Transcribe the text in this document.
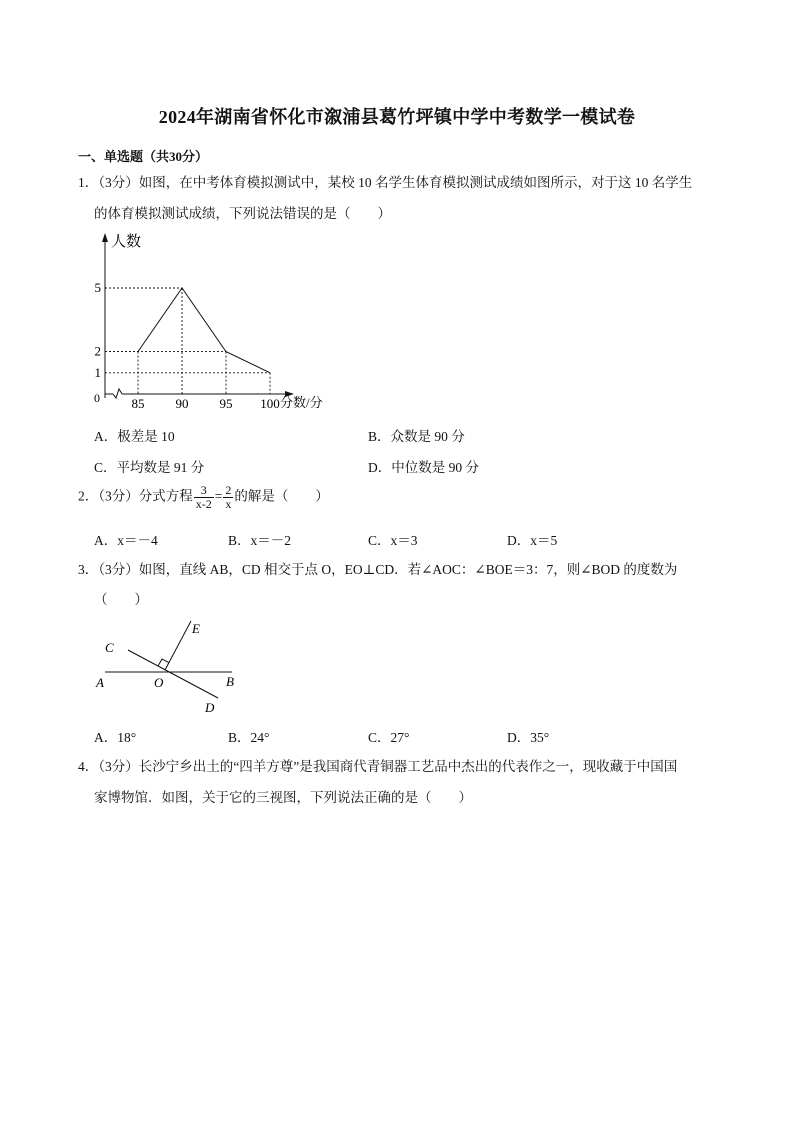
2024年湖南省怀化市溆浦县葛竹坪镇中学中考数学一模试卷
一、单选题（共30分）
1．（3分）如图，在中考体育模拟测试中，某校 10 名学生体育模拟测试成绩如图所示，对于这 10 名学生
的体育模拟测试成绩，下列说法错误的是（　　）
人数
分数/分
0 85
2
90
5
95 100
1
A．极差是 10	B．众数是 90 分
C．平均数是 91 分	D．中位数是 90 分
2．（3分）分式方程 $\frac{3}{x-2} = \frac{2}{x}$ 的解是（　　）
A．x＝－4	B．x＝－2	C．x＝3	D．x＝5
3．（3分）如图，直线 AB，CD 相交于点 O，EO⊥CD．若∠AOC：∠BOE＝3：7，则∠BOD 的度数为
（　　）
C
E
A	O	B
D
A．18°	B．24°	C．27°	D．35°
4．（3分）长沙宁乡出土的“四羊方尊”是我国商代青铜器工艺品中杰出的代表作之一，现收藏于中国国
家博物馆．如图，关于它的三视图，下列说法正确的是（　　）
